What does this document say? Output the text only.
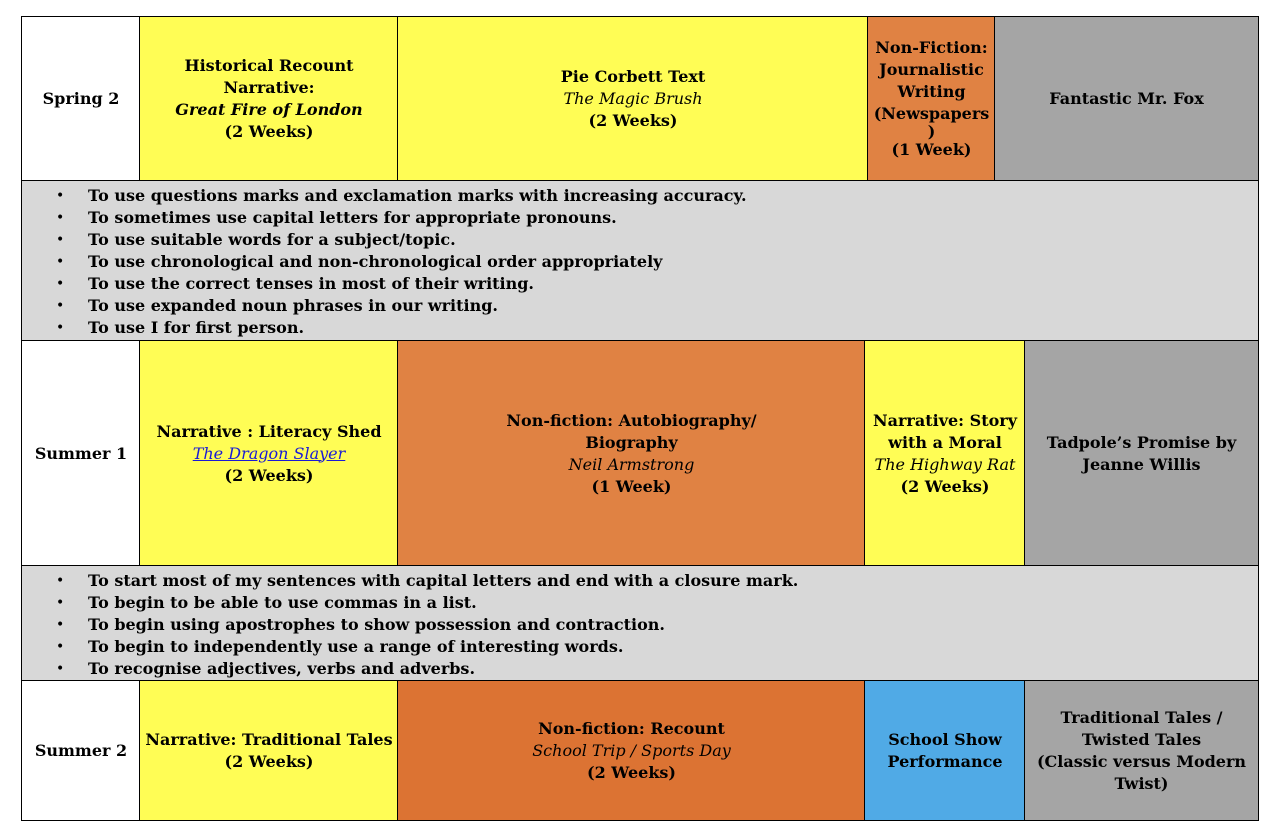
Spring 2
Historical Recount Narrative:
Great Fire of London
(2 Weeks)
Pie Corbett Text
The Magic Brush
(2 Weeks)
Non-Fiction:
Journalistic
Writing
(Newspapers
)
(1 Week)
Fantastic Mr. Fox
• To use questions marks and exclamation marks with increasing accuracy.
• To sometimes use capital letters for appropriate pronouns.
• To use suitable words for a subject/topic.
• To use chronological and non-chronological order appropriately
• To use the correct tenses in most of their writing.
• To use expanded noun phrases in our writing.
• To use I for first person.
Summer 1
Narrative : Literacy Shed
The Dragon Slayer
(2 Weeks)
Non-fiction: Autobiography/
Biography
Neil Armstrong
(1 Week)
Narrative: Story
with a Moral
The Highway Rat
(2 Weeks)
Tadpole’s Promise by
Jeanne Willis
• To start most of my sentences with capital letters and end with a closure mark.
• To begin to be able to use commas in a list.
• To begin using apostrophes to show possession and contraction.
• To begin to independently use a range of interesting words.
• To recognise adjectives, verbs and adverbs.
Summer 2
Narrative: Traditional Tales
(2 Weeks)
Non-fiction: Recount
School Trip / Sports Day
(2 Weeks)
School Show
Performance
Traditional Tales /
Twisted Tales
(Classic versus Modern
Twist)
